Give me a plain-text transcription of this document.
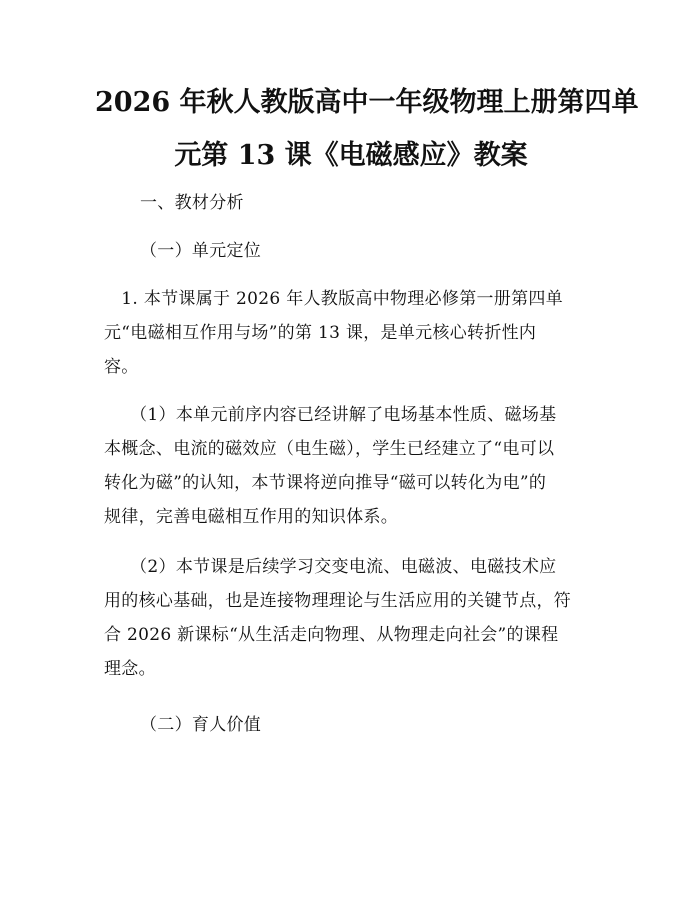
2026 年秋人教版高中一年级物理上册第四单
元第 13 课《电磁感应》教案
一、教材分析
（一）单元定位
　1. 本节课属于 2026 年人教版高中物理必修第一册第四单
元“电磁相互作用与场”的第 13 课，是单元核心转折性内
容。
　　（1）本单元前序内容已经讲解了电场基本性质、磁场基
本概念、电流的磁效应（电生磁），学生已经建立了“电可以
转化为磁”的认知，本节课将逆向推导“磁可以转化为电”的
规律，完善电磁相互作用的知识体系。
　　（2）本节课是后续学习交变电流、电磁波、电磁技术应
用的核心基础，也是连接物理理论与生活应用的关键节点，符
合 2026 新课标“从生活走向物理、从物理走向社会”的课程
理念。
（二）育人价值
